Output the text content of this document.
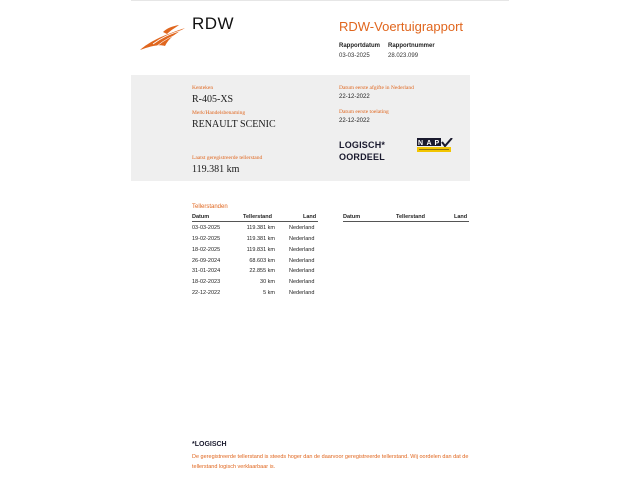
RDW	RDW-Voertuigrapport
Rapportdatum Rapportnummer
03-03-2025	28.023.099
Kenteken
R-405-XS
Merk/Handelsbenaming
RENAULT SCENIC
Laatst geregistreerde tellerstand
119.381 km
Datum eerste afgifte in Nederland
22-12-2022
Datum eerste toelating
22-12-2022
LOGISCH*
OORDEEL
N A P
Tellerstanden
Datum	Tellerstand	Land	Datum	Tellerstand	Land
03-03-2025	119.381 km	Nederland
19-02-2025	119.381 km	Nederland
18-02-2025	119.831 km	Nederland
26-09-2024	68.603 km	Nederland
31-01-2024	22.855 km	Nederland
18-02-2023	30 km	Nederland
22-12-2022	5 km	Nederland
*LOGISCH
De geregistreerde tellerstand is steeds hoger dan de daarvoor geregistreerde tellerstand. Wij oordelen dan dat de tellerstand logisch verklaarbaar is.
